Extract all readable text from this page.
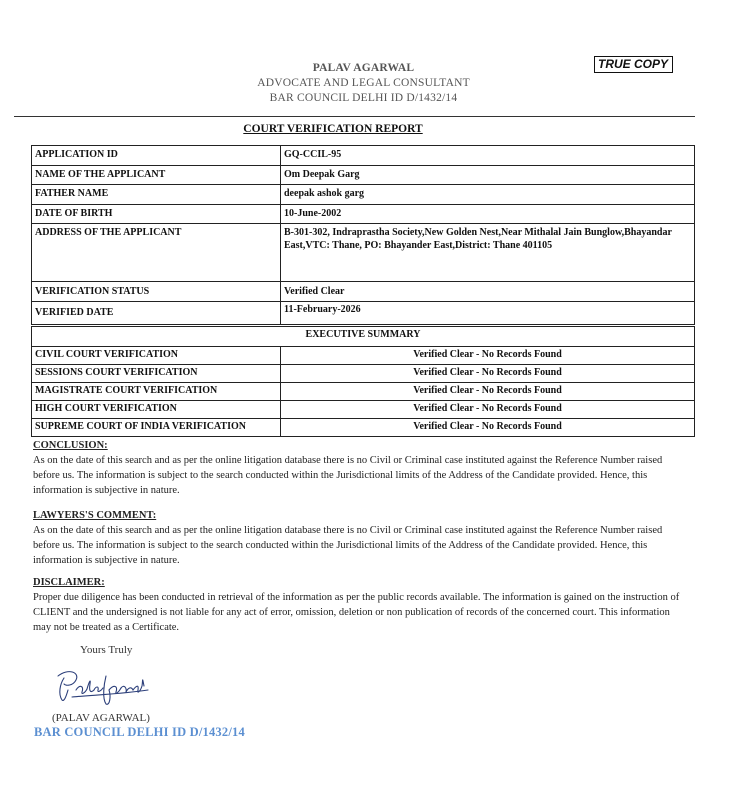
TRUE COPY
PALAV AGARWAL
ADVOCATE AND LEGAL CONSULTANT
BAR COUNCIL DELHI ID D/1432/14
COURT VERIFICATION REPORT
APPLICATION ID	GQ-CCIL-95
NAME OF THE APPLICANT	Om Deepak Garg
FATHER NAME	deepak ashok garg
DATE OF BIRTH	10-June-2002
ADDRESS OF THE APPLICANT	B-301-302, Indraprastha Society,New Golden Nest,Near Mithalal Jain Bunglow,Bhayandar East,VTC: Thane, PO: Bhayander East,District: Thane 401105
VERIFICATION STATUS	Verified Clear
VERIFIED DATE	11-February-2026
EXECUTIVE SUMMARY	
CIVIL COURT VERIFICATION	Verified Clear - No Records Found
SESSIONS COURT VERIFICATION	Verified Clear - No Records Found
MAGISTRATE COURT VERIFICATION	Verified Clear - No Records Found
HIGH COURT VERIFICATION	Verified Clear - No Records Found
SUPREME COURT OF INDIA VERIFICATION	Verified Clear - No Records Found
CONCLUSION:
As on the date of this search and as per the online litigation database there is no Civil or Criminal case instituted against the Reference Number raised before us. The information is subject to the search conducted within the Jurisdictional limits of the Address of the Candidate provided. Hence, this information is subjective in nature.
LAWYERS'S COMMENT:
As on the date of this search and as per the online litigation database there is no Civil or Criminal case instituted against the Reference Number raised before us. The information is subject to the search conducted within the Jurisdictional limits of the Address of the Candidate provided. Hence, this information is subjective in nature.
DISCLAIMER:
Proper due diligence has been conducted in retrieval of the information as per the public records available. The information is gained on the instruction of CLIENT and the undersigned is not liable for any act of error, omission, deletion or non publication of records of the concerned court. This information may not be treated as a Certificate.
Yours Truly
(PALAV AGARWAL)
BAR COUNCIL DELHI ID D/1432/14
